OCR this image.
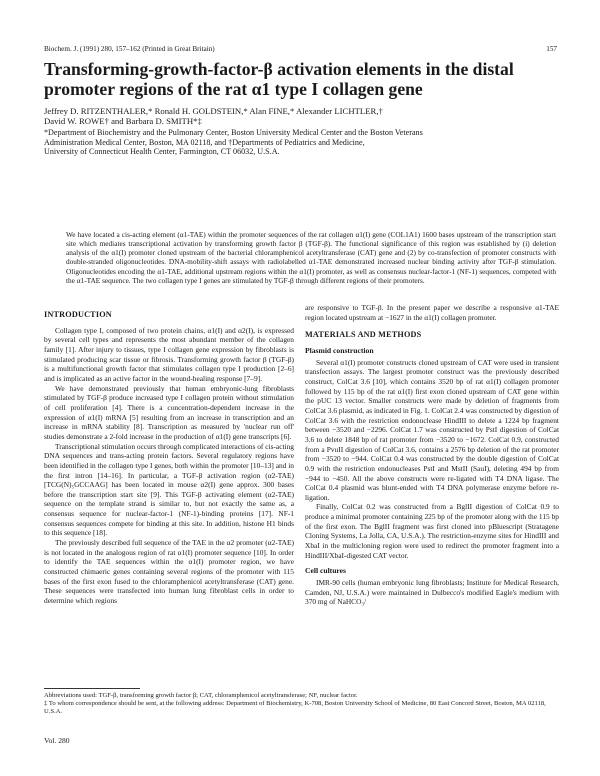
Biochem. J. (1991) 280, 157–162 (Printed in Great Britain)	157
Transforming-growth-factor-β activation elements in the distal promoter regions of the rat α1 type I collagen gene
Jeffrey D. RITZENTHALER,* Ronald H. GOLDSTEIN,* Alan FINE,* Alexander LICHTLER,†
David W. ROWE† and Barbara D. SMITH*‡
*Department of Biochemistry and the Pulmonary Center, Boston University Medical Center and the Boston Veterans
Administration Medical Center, Boston, MA 02118, and †Departments of Pediatrics and Medicine,
University of Connecticut Health Center, Farmington, CT 06032, U.S.A.
We have located a cis-acting element (α1-TAE) within the promoter sequences of the rat collagen α1(I) gene (COL1A1) 1600 bases upstream of the transcription start site which mediates transcriptional activation by transforming growth factor β (TGF-β). The functional significance of this region was established by (i) deletion analysis of the α1(I) promoter cloned upstream of the bacterial chloramphenicol acetyltransferase (CAT) gene and (2) by co-transfection of promoter constructs with double-stranded oligonucleotides. DNA-mobility-shift assays with radiolabelled α1-TAE demonstrated increased nuclear binding activity after TGF-β stimulation. Oligonucleotides encoding the α1-TAE, additional upstream regions within the α1(I) promoter, as well as consensus nuclear-factor-1 (NF-1) sequences, competed with the α1-TAE sequence. The two collagen type I genes are stimulated by TGF-β through different regions of their promoters.
INTRODUCTION

Collagen type I, composed of two protein chains, α1(I) and α2(I), is expressed by several cell types and represents the most abundant member of the collagen family [1]. After injury to tissues, type I collagen gene expression by fibroblasts is stimulated producing scar tissue or fibrosis. Transforming growth factor β (TGF-β) is a multifunctional growth factor that stimulates collagen type I production [2–6] and is implicated as an active factor in the wound-healing response [7–9].

We have demonstrated previously that human embryonic-lung fibroblasts stimulated by TGF-β produce increased type I collagen protein without stimulation of cell proliferation [4]. There is a concentration-dependent increase in the expression of α1(I) mRNA [5] resulting from an increase in transcription and an increase in mRNA stability [8]. Transcription as measured by 'nuclear run off' studies demonstrate a 2-fold increase in the production of α1(I) gene transcripts [6].

Transcriptional stimulation occurs through complicated interactions of cis-acting DNA sequences and trans-acting protein factors. Several regulatory regions have been identified in the collagen type I genes, both within the promoter [10–13] and in the first intron [14–16]. In particular, a TGF-β activation region (α2-TAE) [TCG(N)₅GCCAAG] has been located in mouse α2(I) gene approx. 300 bases before the transcription start site [9]. This TGF-β activating element (α2-TAE) sequence on the template strand is similar to, but not exactly the same as, a consensus sequence for nuclear-factor-1 (NF-1)-binding proteins [17]. NF-1 consensus sequences compete for binding at this site. In addition, histone H1 binds to this sequence [18].

The previously described full sequence of the TAE in the α2 promoter (α2-TAE) is not located in the analogous region of rat α1(I) promoter sequence [10]. In order to identify the TAE sequences within the α1(I) promoter region, we have constructed chimaeric genes containing several regions of the promoter with 115 bases of the first exon fused to the chloramphenicol acetyltransferase (CAT) gene. These sequences were transfected into human lung fibroblast cells in order to determine which regions

are responsive to TGF-β. In the present paper we describe a responsive α1-TAE region located upstream at −1627 in the α1(I) collagen promoter.

MATERIALS AND METHODS
Plasmid construction

Several α1(I) promoter constructs cloned upstream of CAT were used in transient transfection assays. The largest promoter construct was the previously described construct, ColCat 3.6 [10], which contains 3520 bp of rat α1(I) collagen promoter followed by 115 bp of the rat α1(I) first exon cloned upstream of CAT gene within the pUC 13 vector. Smaller constructs were made by deletion of fragments from ColCat 3.6 plasmid, as indicated in Fig. 1. ColCat 2.4 was constructed by digestion of ColCat 3.6 with the restriction endonuclease HindIII to delete a 1224 bp fragment between −3520 and −2296. ColCat 1.7 was constructed by PstI digestion of ColCat 3.6 to delete 1848 bp of rat promoter from −3520 to −1672. ColCat 0.9, constructed from a PvuII digestion of ColCat 3.6, contains a 2576 bp deletion of the rat promoter from −3520 to −944. ColCat 0.4 was constructed by the double digestion of ColCat 0.9 with the restriction endonucleases PstI and MstII (SauI), deleting 494 bp from −944 to −450. All the above constructs were re-ligated with T4 DNA ligase. The ColCat 0.4 plasmid was blunt-ended with T4 DNA polymerase enzyme before re-ligation.

Finally, ColCat 0.2 was constructed from a BglII digestion of ColCat 0.9 to produce a minimal promoter containing 225 bp of the promoter along with the 115 bp of the first exon. The BglII fragment was first cloned into pBluescript (Stratagene Cloning Systems, La Jolla, CA, U.S.A.). The restriction-enzyme sites for HindIII and XbaI in the multicloning region were used to redirect the promoter fragment into a HindIII/XbaI-digested CAT vector.

Cell cultures

IMR-90 cells (human embryonic lung fibroblasts; Institute for Medical Research, Camden, NJ, U.S.A.) were maintained in Dulbecco's modified Eagle's medium with 370 mg of NaHCO₃/

Abbreviations used: TGF-β, transforming growth factor β; CAT, chloramphenicol acetyltransferase; NF, nuclear factor.
‡ To whom correspondence should be sent, at the following address: Department of Biochemistry, K-708, Boston University School of Medicine, 80 East Concord Street, Boston, MA 02118, U.S.A.
Vol. 280
